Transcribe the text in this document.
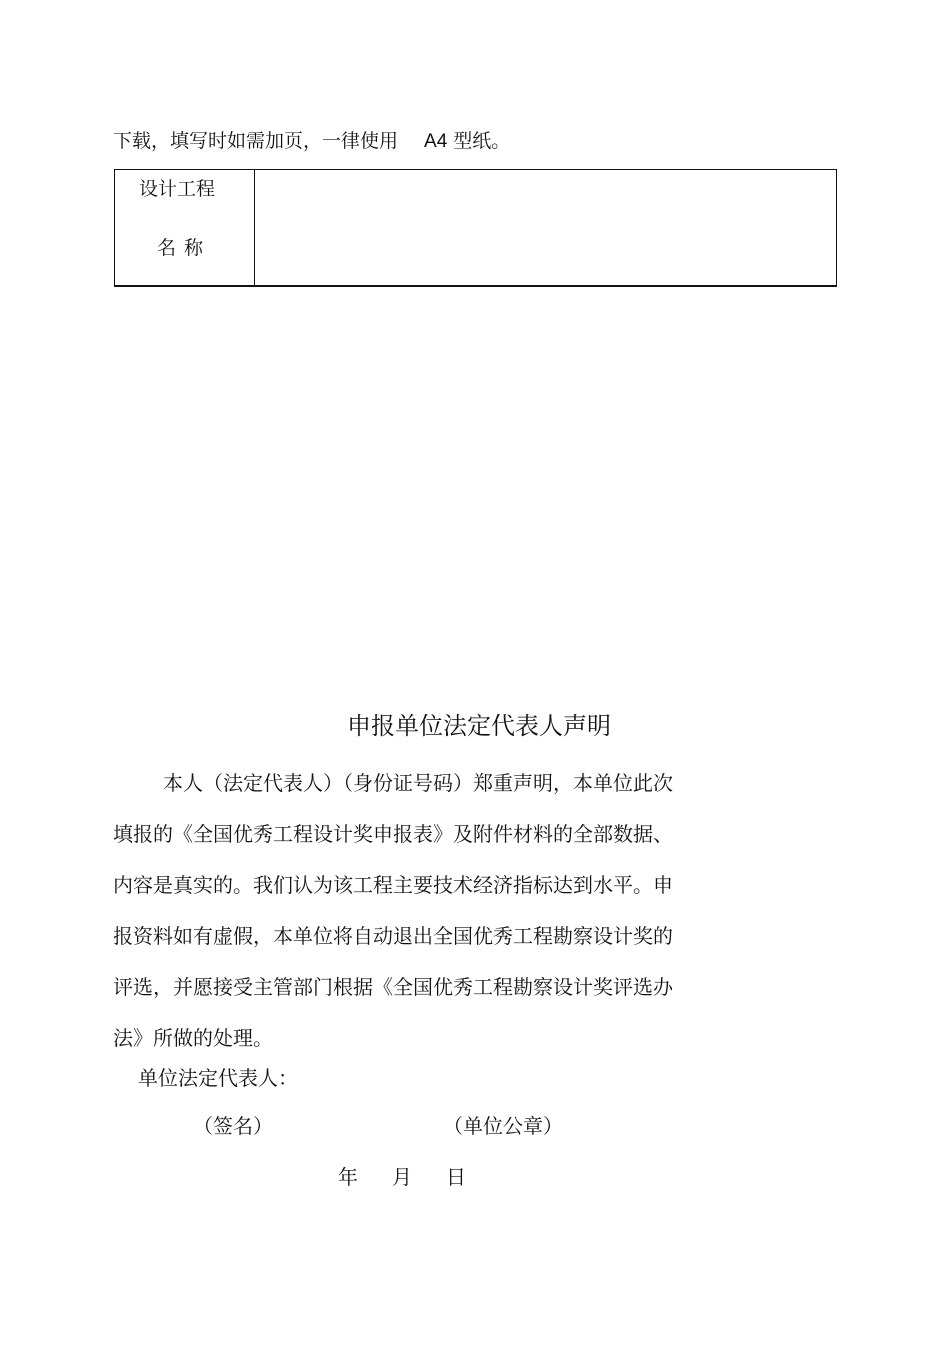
下载，填写时如需加页，一律使用 A4 型纸。
设计工程
名称

申报单位法定代表人声明
本人（法定代表人）（身份证号码）郑重声明，本单位此次
填报的《全国优秀工程设计奖申报表》及附件材料的全部数据、
内容是真实的。我们认为该工程主要技术经济指标达到水平。申
报资料如有虚假，本单位将自动退出全国优秀工程勘察设计奖的
评选，并愿接受主管部门根据《全国优秀工程勘察设计奖评选办
法》所做的处理。
单位法定代表人：
（签名）	（单位公章）
年 月 日
